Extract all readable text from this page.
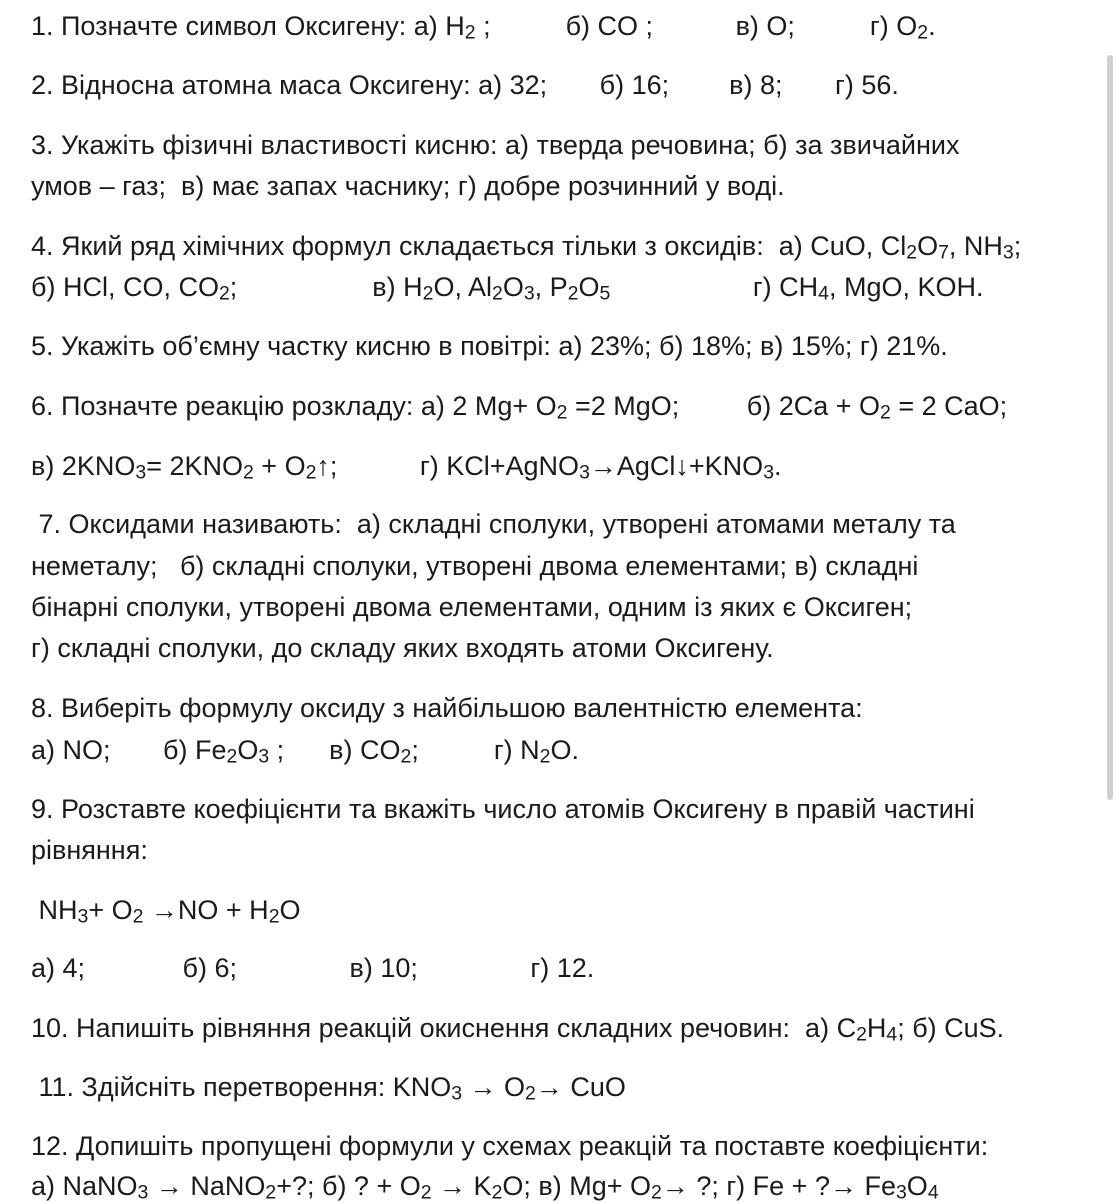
1. Позначте символ Оксигену: а) $H_2$ ;          б) CO ;           в) O;          г) $O_2$.
2. Відносна атомна маса Оксигену: а) 32;       б) 16;        в) 8;       г) 56.
3. Укажіть фізичні властивості кисню: а) тверда речовина; б) за звичайних
умов – газ;  в) має запах часнику; г) добре розчинний у воді.
4. Який ряд хімічних формул складається тільки з оксидів:  а) CuO, $Cl_2O_7$, $NH_3$;
б) HCl, CO, $CO_2$;                  в) $H_2O$, $Al_2O_3$, $P_2O_5$                   г) $CH_4$, MgO, KOH.
5. Укажіть об’ємну частку кисню в повітрі: а) 23%; б) 18%; в) 15%; г) 21%.
6. Позначте реакцію розкладу: а) 2 $Mg+ O_2 =2$ MgO;         б) $2Ca + O_2 = 2$ CaO;
в) $2KNO_3= 2KNO_2$ + $O_2↑$;           г) $KCl+AgNO_3\to AgCl↓+KNO_3$.
7. Оксидами називають:  а) складні сполуки, утворені атомами металу та
неметалу;   б) складні сполуки, утворені двома елементами; в) складні
бінарні сполуки, утворені двома елементами, одним із яких є Оксиген;
г) складні сполуки, до складу яких входять атоми Оксигену.
8. Виберіть формулу оксиду з найбільшою валентністю елемента:
а) NO;       б) $Fe_2O_3$ ;      в) $CO_2$;          г) $N_2O$.
9. Розставте коефіцієнти та вкажіть число атомів Оксигену в правій частині
рівняння:
$NH_3+ O_2 \to NO + H_2O$
а) 4;             б) 6;               в) 10;               г) 12.
10. Напишіть рівняння реакцій окиснення складних речовин:  а) $C_2H_4$; б) CuS.
11. Здійсніть перетворення: $KNO_3 \to O_2\to$ CuO
12. Допишіть пропущені формули у схемах реакцій та поставте коефіцієнти:
а) NaNO$_3$ → NaNO$_2$+?; б) ? + $O_2 \to K_2O$; в) $Mg+ O_2\to$ ?; г) Fe + ?→ $Fe_3O_4$
